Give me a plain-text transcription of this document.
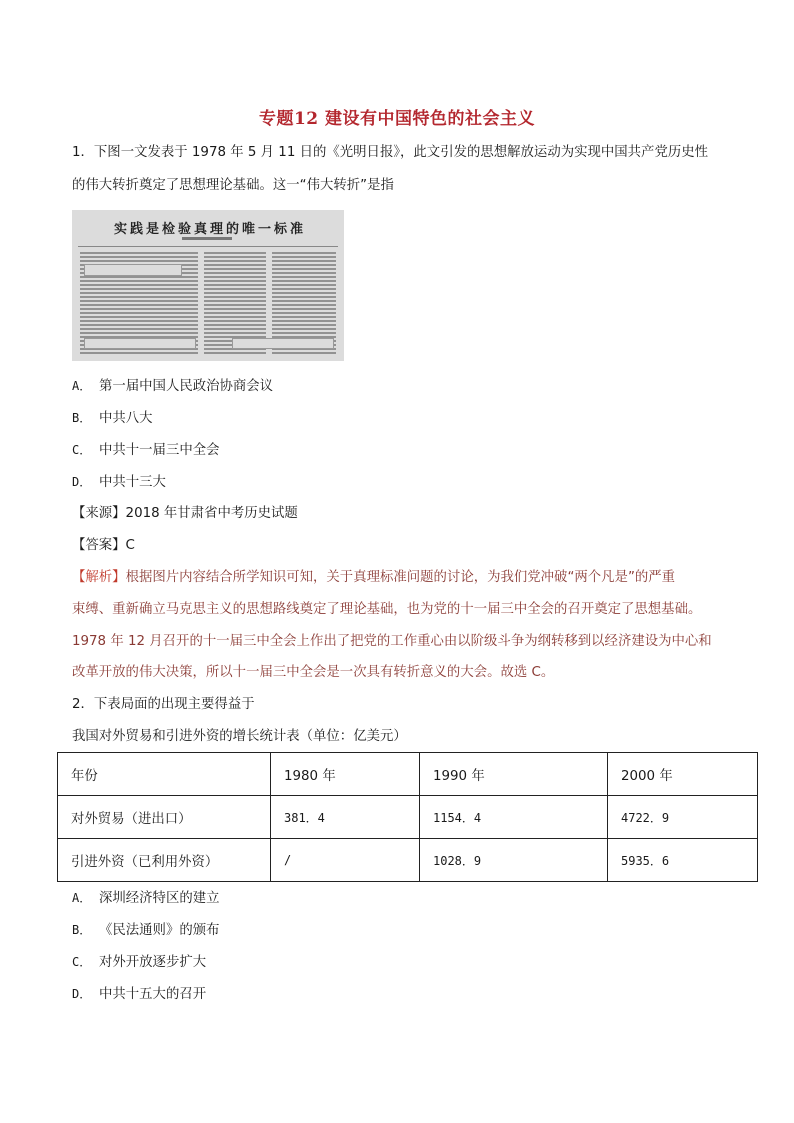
专题12 建设有中国特色的社会主义
1．下图一文发表于 1978 年 5 月 11 日的《光明日报》，此文引发的思想解放运动为实现中国共产党历史性
的伟大转折奠定了思想理论基础。这一“伟大转折”是指
实践是检验真理的唯一标准
A． 第一届中国人民政治协商会议
B． 中共八大
C． 中共十一届三中全会
D． 中共十三大
【来源】2018 年甘肃省中考历史试题
【答案】C
【解析】根据图片内容结合所学知识可知，关于真理标准问题的讨论，为我们党冲破“两个凡是”的严重
束缚、重新确立马克思主义的思想路线奠定了理论基础，也为党的十一届三中全会的召开奠定了思想基础。
1978 年 12 月召开的十一届三中全会上作出了把党的工作重心由以阶级斗争为纲转移到以经济建设为中心和
改革开放的伟大决策，所以十一届三中全会是一次具有转折意义的大会。故选 C。
2．下表局面的出现主要得益于
我国对外贸易和引进外资的增长统计表（单位：亿美元）
年份	1980 年	1990 年	2000 年
对外贸易（进出口）	381．4	1154．4	4722．9
引进外资（已利用外资）	/	1028．9	5935．6
A． 深圳经济特区的建立
B． 《民法通则》的颁布
C． 对外开放逐步扩大
D． 中共十五大的召开
